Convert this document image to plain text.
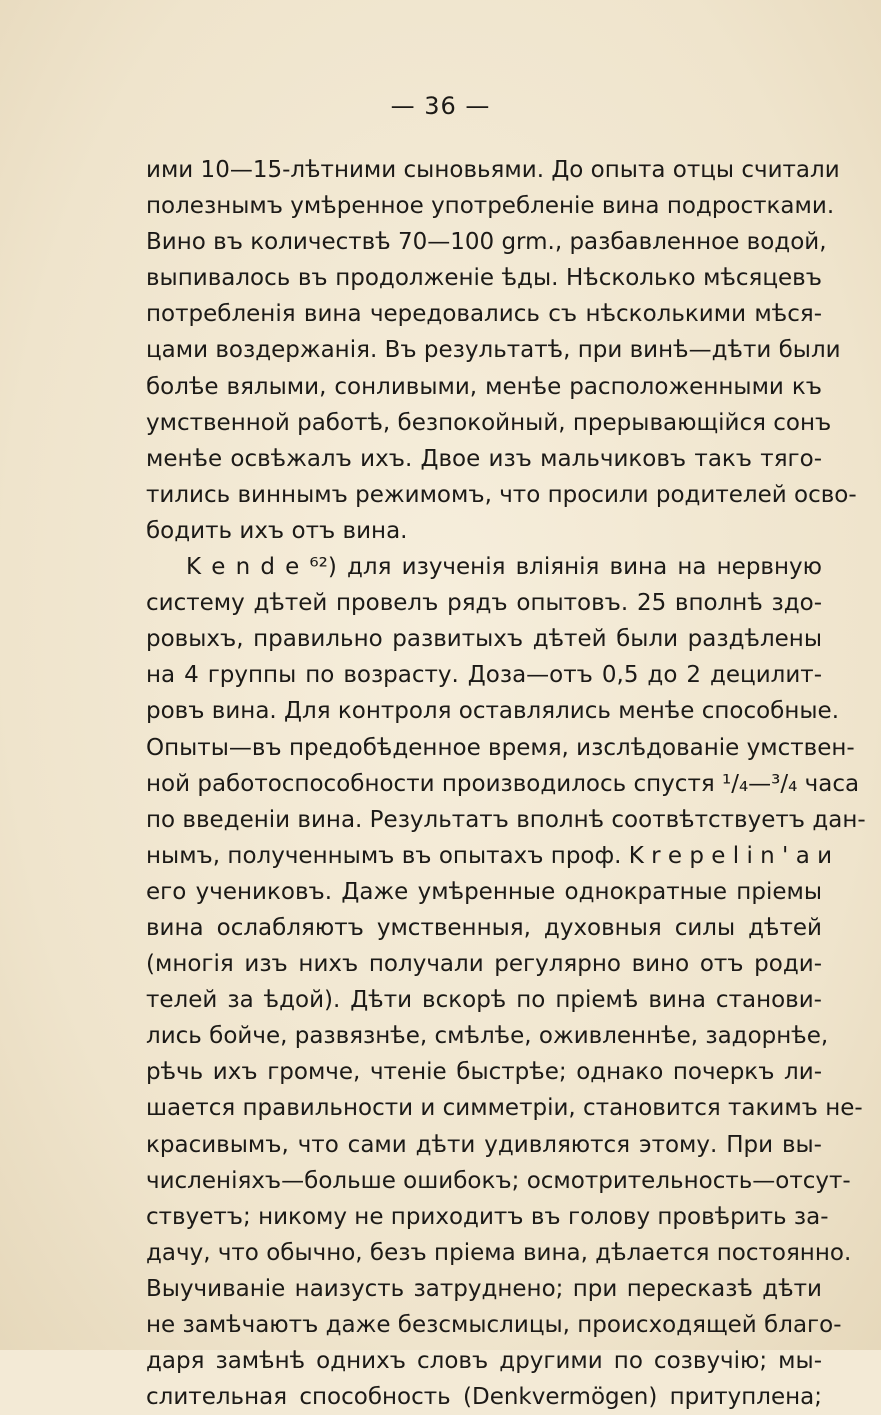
— 36 —
ими 10—15-лѣтними сыновьями. До опыта отцы считали
полезнымъ умѣренное употребленіе вина подростками.
Вино въ количествѣ 70—100 grm., разбавленное водой,
выпивалось въ продолженіе ѣды. Нѣсколько мѣсяцевъ
потребленія вина чередовались съ нѣсколькими мѣся-
цами воздержанія. Въ результатѣ, при винѣ—дѣти были
болѣе вялыми, сонливыми, менѣе расположенными къ
умственной работѣ, безпокойный, прерывающійся сонъ
менѣе освѣжалъ ихъ. Двое изъ мальчиковъ такъ тяго-
тились виннымъ режимомъ, что просили родителей осво-
бодить ихъ отъ вина.
K e n d e ⁶²) для изученія вліянія вина на нервную
систему дѣтей провелъ рядъ опытовъ. 25 вполнѣ здо-
ровыхъ, правильно развитыхъ дѣтей были раздѣлены
на 4 группы по возрасту. Доза—отъ 0,5 до 2 децилит-
ровъ вина. Для контроля оставлялись менѣе способные.
Опыты—въ предобѣденное время, изслѣдованіе умствен-
ной работоспособности производилось спустя ¹/₄—³/₄ часа
по введеніи вина. Результатъ вполнѣ соотвѣтствуетъ дан-
нымъ, полученнымъ въ опытахъ проф. K r e p e l i n ' а и
его учениковъ. Даже умѣренные однократные пріемы
вина ослабляютъ умственныя, духовныя силы дѣтей
(многія изъ нихъ получали регулярно вино отъ роди-
телей за ѣдой). Дѣти вскорѣ по пріемѣ вина станови-
лись бойче, развязнѣе, смѣлѣе, оживленнѣе, задорнѣе,
рѣчь ихъ громче, чтеніе быстрѣе; однако почеркъ ли-
шается правильности и симметріи, становится такимъ не-
красивымъ, что сами дѣти удивляются этому. При вы-
численіяхъ—больше ошибокъ; осмотрительность—отсут-
ствуетъ; никому не приходитъ въ голову провѣрить за-
дачу, что обычно, безъ пріема вина, дѣлается постоянно.
Выучиваніе наизусть затруднено; при пересказѣ дѣти
не замѣчаютъ даже безсмыслицы, происходящей благо-
даря замѣнѣ однихъ словъ другими по созвучію; мы-
слительная способность (Denkvermögen) притуплена;
